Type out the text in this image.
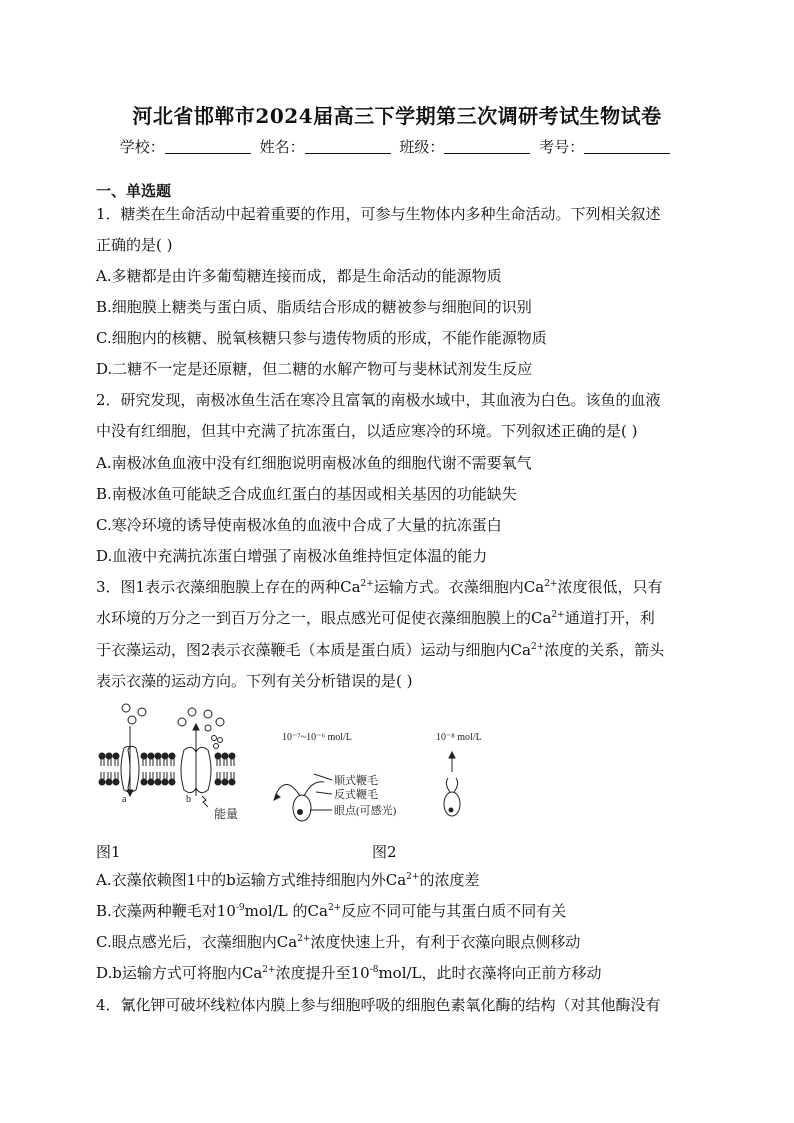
河北省邯郸市2024届高三下学期第三次调研考试生物试卷
学校：	姓名：	班级：	考号：
一、单选题
1．糖类在生命活动中起着重要的作用，可参与生物体内多种生命活动。下列相关叙述
正确的是( )
A.多糖都是由许多葡萄糖连接而成，都是生命活动的能源物质
B.细胞膜上糖类与蛋白质、脂质结合形成的糖被参与细胞间的识别
C.细胞内的核糖、脱氧核糖只参与遗传物质的形成，不能作能源物质
D.二糖不一定是还原糖，但二糖的水解产物可与斐林试剂发生反应
2．研究发现，南极冰鱼生活在寒冷且富氧的南极水域中，其血液为白色。该鱼的血液
中没有红细胞，但其中充满了抗冻蛋白，以适应寒冷的环境。下列叙述正确的是( )
A.南极冰鱼血液中没有红细胞说明南极冰鱼的细胞代谢不需要氧气
B.南极冰鱼可能缺乏合成血红蛋白的基因或相关基因的功能缺失
C.寒冷环境的诱导使南极冰鱼的血液中合成了大量的抗冻蛋白
D.血液中充满抗冻蛋白增强了南极冰鱼维持恒定体温的能力
3．图1表示衣藻细胞膜上存在的两种$Ca^{2+}$运输方式。衣藻细胞内$Ca^{2+}$浓度很低，只有
水环境的万分之一到百万分之一，眼点感光可促使衣藻细胞膜上的$Ca^{2+}$通道打开，利
于衣藻运动，图2表示衣藻鞭毛（本质是蛋白质）运动与细胞内$Ca^{2+}$浓度的关系，箭头
表示衣藻的运动方向。下列有关分析错误的是( )
a	b
能量
10⁻⁷~10⁻⁶ mol/L	10⁻⁸ mol/L
顺式鞭毛
反式鞭毛
眼点(可感光)
图1	图2
A.衣藻依赖图1中的b运输方式维持细胞内外$Ca^{2+}$的浓度差
B.衣藻两种鞭毛对$10^{-9}mol/L$ 的$Ca^{2+}$反应不同可能与其蛋白质不同有关
C.眼点感光后，衣藻细胞内$Ca^{2+}$浓度快速上升，有利于衣藻向眼点侧移动
D.b运输方式可将胞内$Ca^{2+}$浓度提升至$10^{-8}mol/L$，此时衣藻将向正前方移动
4．氰化钾可破坏线粒体内膜上参与细胞呼吸的细胞色素氧化酶的结构（对其他酶没有
